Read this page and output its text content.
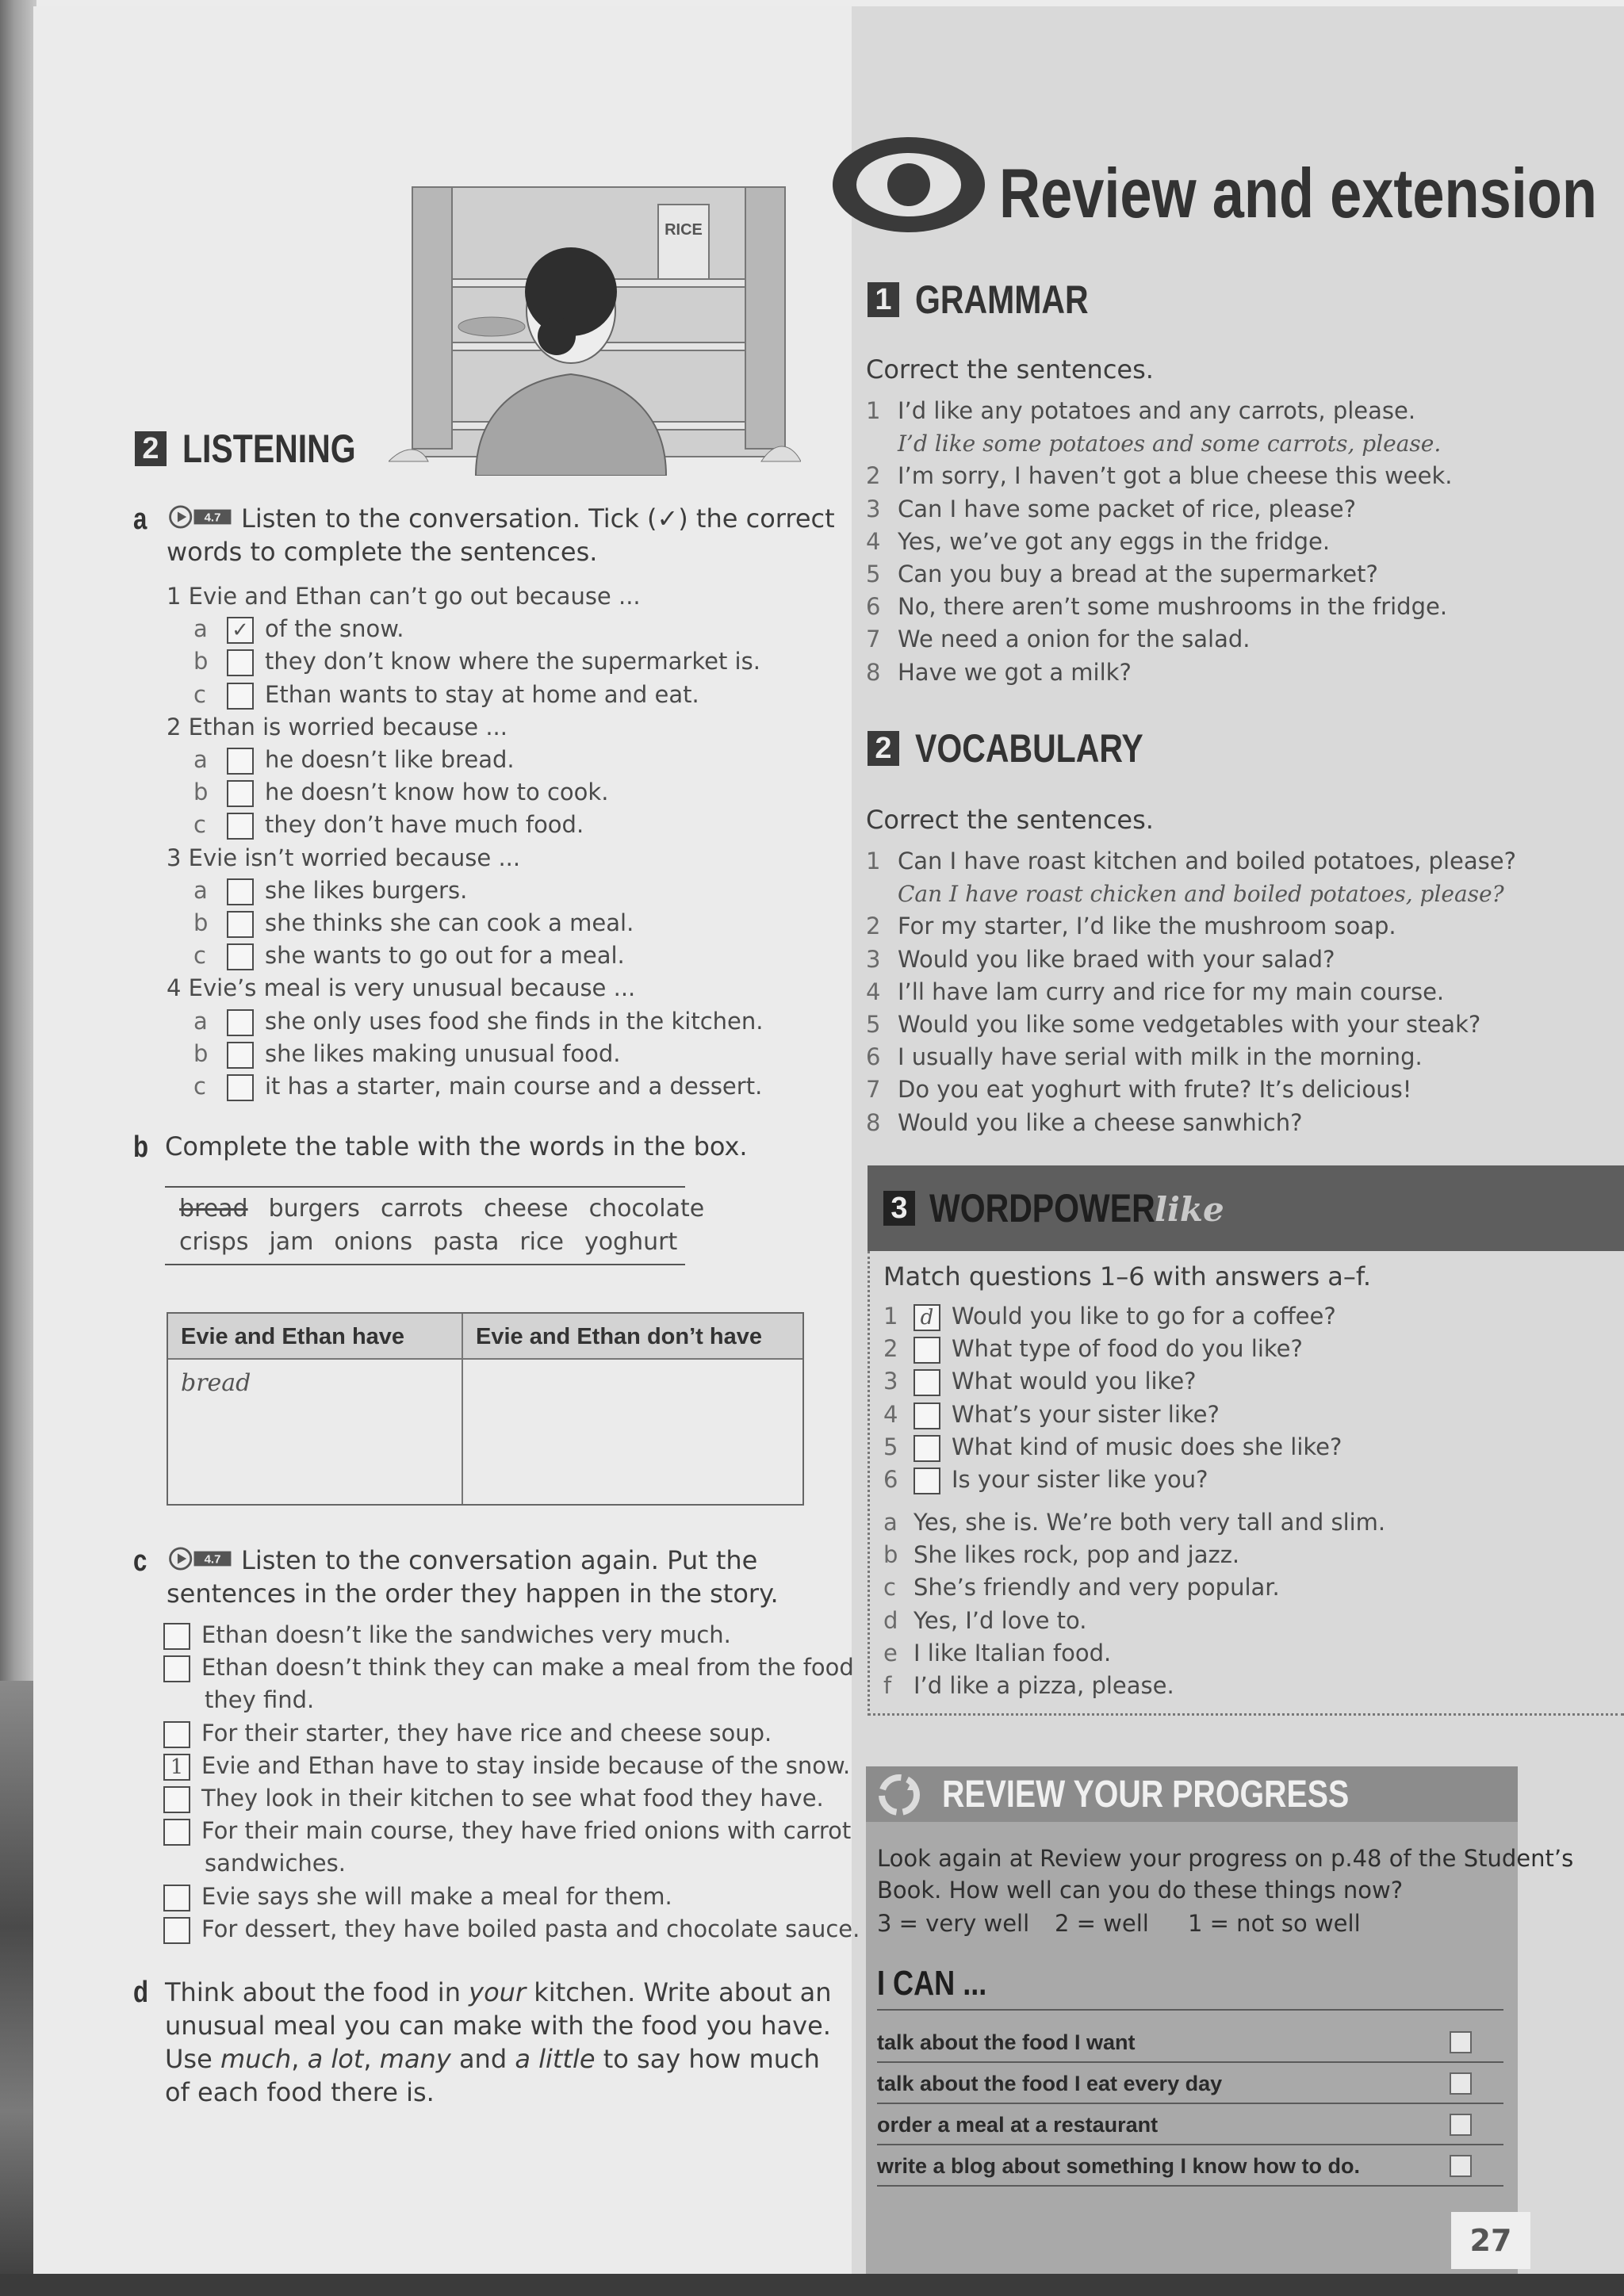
Review and extension
1 GRAMMAR
Correct the sentences.
2 VOCABULARY
Correct the sentences.
3 WORDPOWER like
Match questions 1–6 with answers a–f.
REVIEW YOUR PROGRESS
Look again at Review your progress on p.48 of the Student’s
Book. How well can you do these things now?
3 = very well 2 = well 1 = not so well
I CAN ...
talk about the food I want
talk about the food I eat every day
order a meal at a restaurant
write a blog about something I know how to do.
27
RICE
2 LISTENING
a	4.7 Listen to the conversation. Tick (✓) the correct
words to complete the sentences.
b Complete the table with the words in the box.
bread burgers carrots cheese chocolate
crisps jam onions pasta rice yoghurt
Evie and Ethan have	Evie and Ethan don’t have
bread
c	4.7 Listen to the conversation again. Put the
sentences in the order they happen in the story.
d Think about the food in your kitchen. Write about an
unusual meal you can make with the food you have.
Use much, a lot, many and a little to say how much
of each food there is.
1 I’d like any potatoes and any carrots, please.
I’d like some potatoes and some carrots, please.
2 I’m sorry, I haven’t got a blue cheese this week.
3 Can I have some packet of rice, please?
4 Yes, we’ve got any eggs in the fridge.
5 Can you buy a bread at the supermarket?
6 No, there aren’t some mushrooms in the fridge.
7 We need a onion for the salad.
8 Have we got a milk?
1 Can I have roast kitchen and boiled potatoes, please?
Can I have roast chicken and boiled potatoes, please?
2 For my starter, I’d like the mushroom soap.
3 Would you like braed with your salad?
4 I’ll have lam curry and rice for my main course.
5 Would you like some vedgetables with your steak?
6 I usually have serial with milk in the morning.
7 Do you eat yoghurt with frute? It’s delicious!
8 Would you like a cheese sanwhich?
1 d Would you like to go for a coffee?
2 What type of food do you like?
3 What would you like?
4 What’s your sister like?
5 What kind of music does she like?
6 Is your sister like you?
a Yes, she is. We’re both very tall and slim.
b She likes rock, pop and jazz.
c She’s friendly and very popular.
d Yes, I’d love to.
e I like Italian food.
f I’d like a pizza, please.
1 Evie and Ethan can’t go out because ...
a ✓ of the snow.
b they don’t know where the supermarket is.
c	Ethan wants to stay at home and eat.
2 Ethan is worried because ...
a he doesn’t like bread.
b he doesn’t know how to cook.
c	they don’t have much food.
3 Evie isn’t worried because ...
a she likes burgers.
b she thinks she can cook a meal.
c	she wants to go out for a meal.
4 Evie’s meal is very unusual because ...
a she only uses food she finds in the kitchen.
b she likes making unusual food.
c	it has a starter, main course and a dessert.
Ethan doesn’t like the sandwiches very much.
Ethan doesn’t think they can make a meal from the food
they find.
For their starter, they have rice and cheese soup.
1 Evie and Ethan have to stay inside because of the snow.
They look in their kitchen to see what food they have.
For their main course, they have fried onions with carrot
sandwiches.
Evie says she will make a meal for them.
For dessert, they have boiled pasta and chocolate sauce.
